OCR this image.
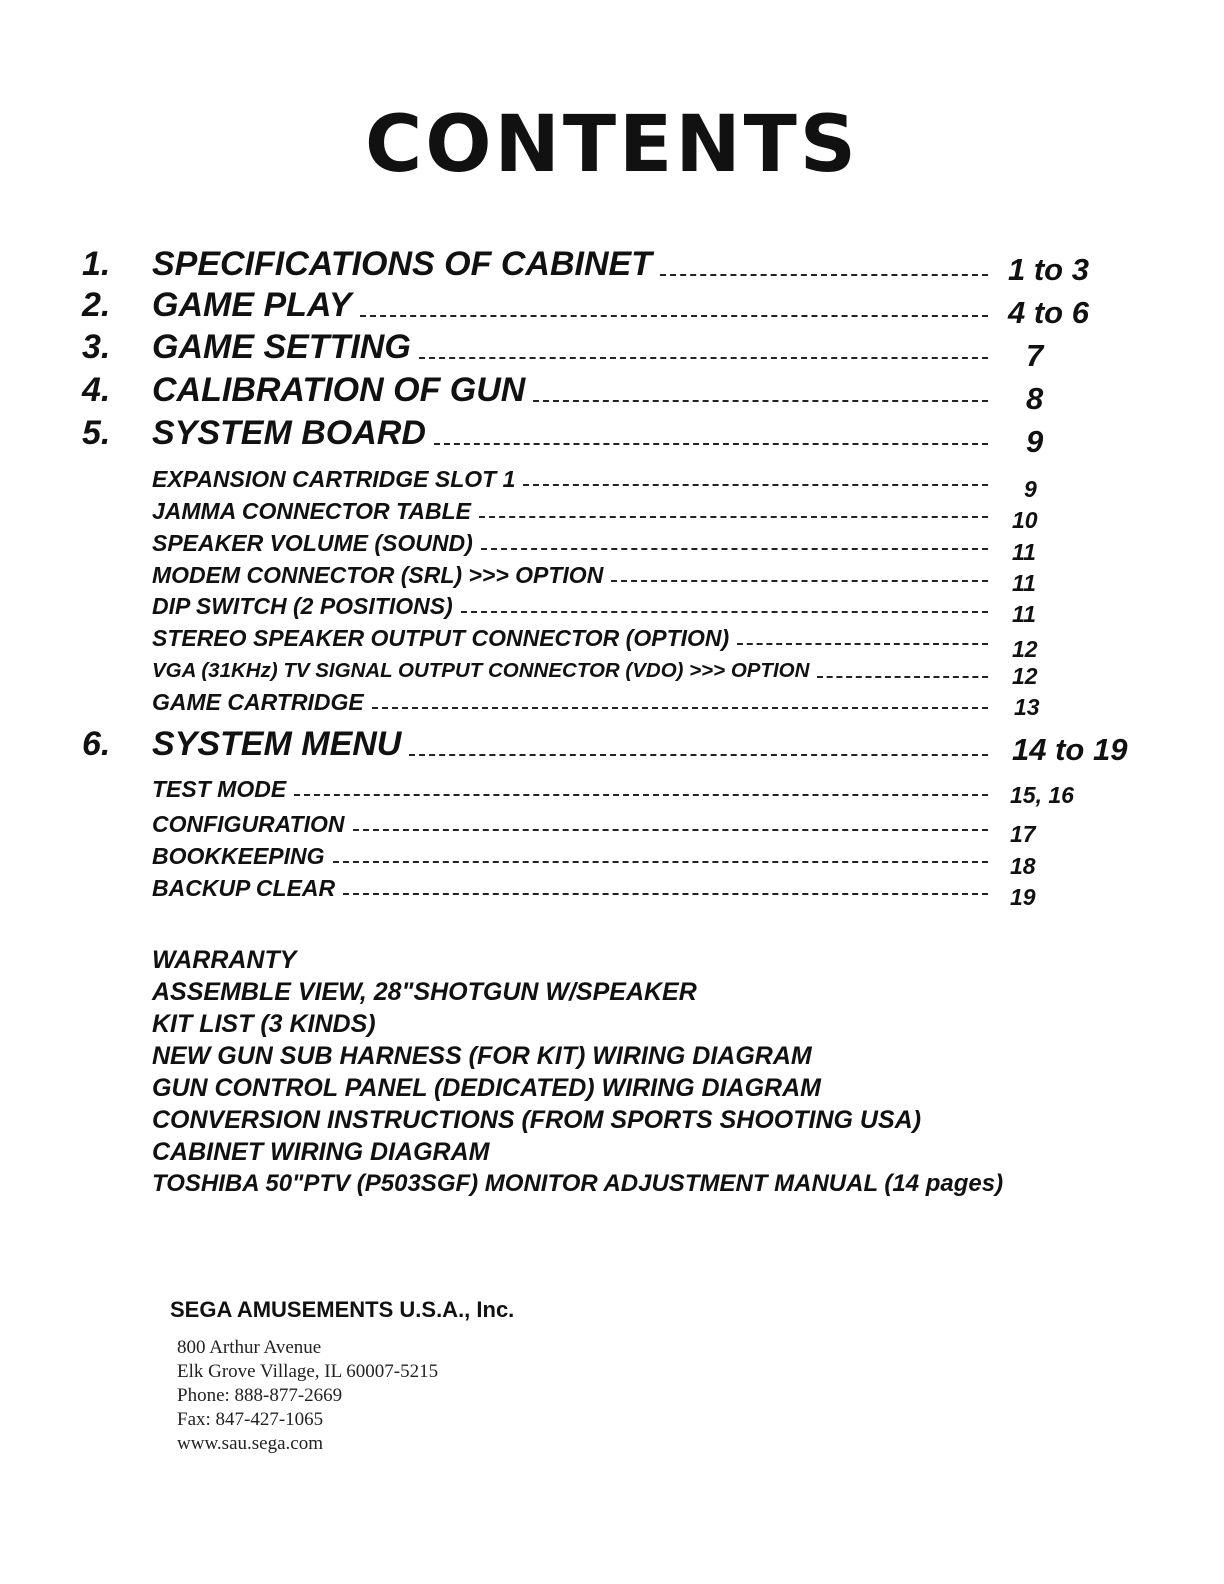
CONTENTS
1.	SPECIFICATIONS OF CABINET	1 to 3
2.	GAME PLAY	4 to 6
3.	GAME SETTING	7
4.	CALIBRATION OF GUN	8
5.	SYSTEM BOARD	9
EXPANSION CARTRIDGE SLOT 1	9
JAMMA CONNECTOR TABLE	10
SPEAKER VOLUME (SOUND)	11
MODEM CONNECTOR (SRL) >>> OPTION	11
DIP SWITCH (2 POSITIONS)	11
STEREO SPEAKER OUTPUT CONNECTOR (OPTION)	12
VGA (31KHz) TV SIGNAL OUTPUT CONNECTOR (VDO) >>> OPTION	12
GAME CARTRIDGE	13
6.	SYSTEM MENU	14 to 19
TEST MODE	15, 16
CONFIGURATION	17
BOOKKEEPING	18
BACKUP CLEAR	19
WARRANTY
ASSEMBLE VIEW, 28"SHOTGUN W/SPEAKER
KIT LIST (3 KINDS)
NEW GUN SUB HARNESS (FOR KIT) WIRING DIAGRAM
GUN CONTROL PANEL (DEDICATED) WIRING DIAGRAM
CONVERSION INSTRUCTIONS (FROM SPORTS SHOOTING USA)
CABINET WIRING DIAGRAM
TOSHIBA 50"PTV (P503SGF) MONITOR ADJUSTMENT MANUAL (14 pages)
SEGA AMUSEMENTS U.S.A., Inc.
800 Arthur Avenue
Elk Grove Village, IL 60007-5215
Phone: 888-877-2669
Fax: 847-427-1065
www.sau.sega.com
